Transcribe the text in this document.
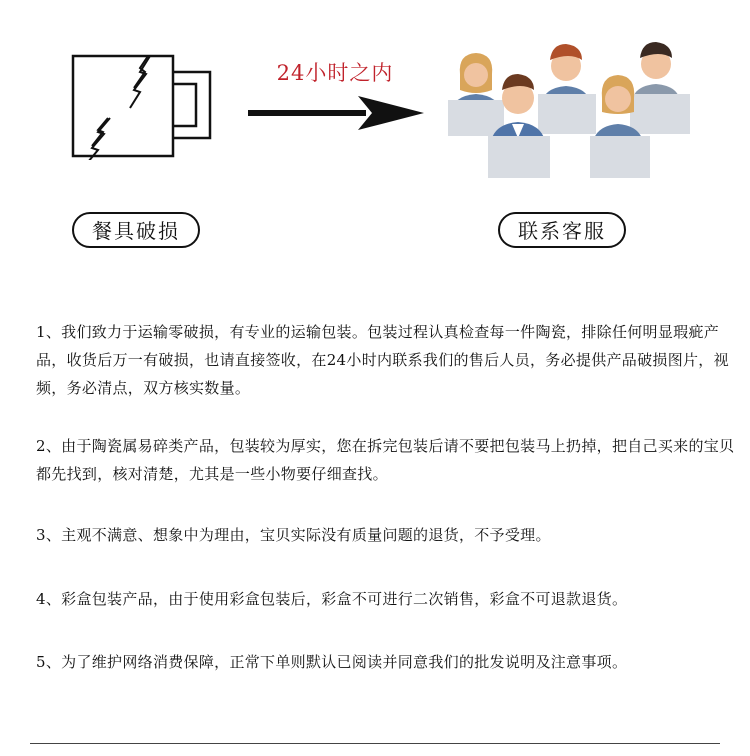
24小时之内
餐具破损	联系客服
1、我们致力于运输零破损，有专业的运输包装。包装过程认真检查每一件陶瓷，排除任何明显瑕疵产品，收货后万一有破损，也请直接签收，在24小时内联系我们的售后人员，务必提供产品破损图片，视频，务必清点，双方核实数量。
2、由于陶瓷属易碎类产品，包装较为厚实，您在拆完包装后请不要把包装马上扔掉，把自己买来的宝贝都先找到，核对清楚，尤其是一些小物要仔细查找。
3、主观不满意、想象中为理由，宝贝实际没有质量问题的退货，不予受理。
4、彩盒包装产品，由于使用彩盒包装后，彩盒不可进行二次销售，彩盒不可退款退货。
5、为了维护网络消费保障，正常下单则默认已阅读并同意我们的批发说明及注意事项。
